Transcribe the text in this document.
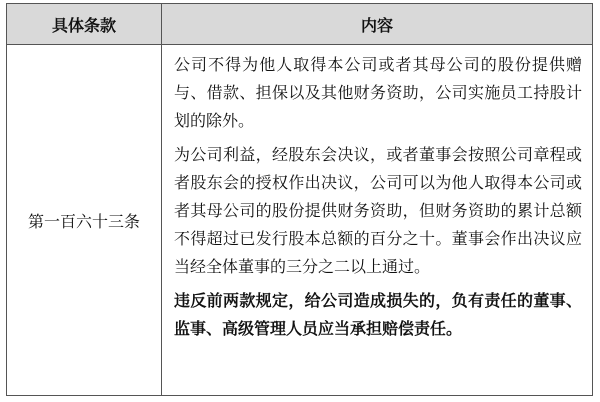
具体条款	内容
第一百六十三条	公司不得为他人取得本公司或者其母公司的股份提供赠与、借款、担保以及其他财务资助，公司实施员工持股计划的除外。

为公司利益，经股东会决议，或者董事会按照公司章程或者股东会的授权作出决议，公司可以为他人取得本公司或者其母公司的股份提供财务资助，但财务资助的累计总额不得超过已发行股本总额的百分之十。董事会作出决议应当经全体董事的三分之二以上通过。

违反前两款规定，给公司造成损失的，负有责任的董事、监事、高级管理人员应当承担赔偿责任。
